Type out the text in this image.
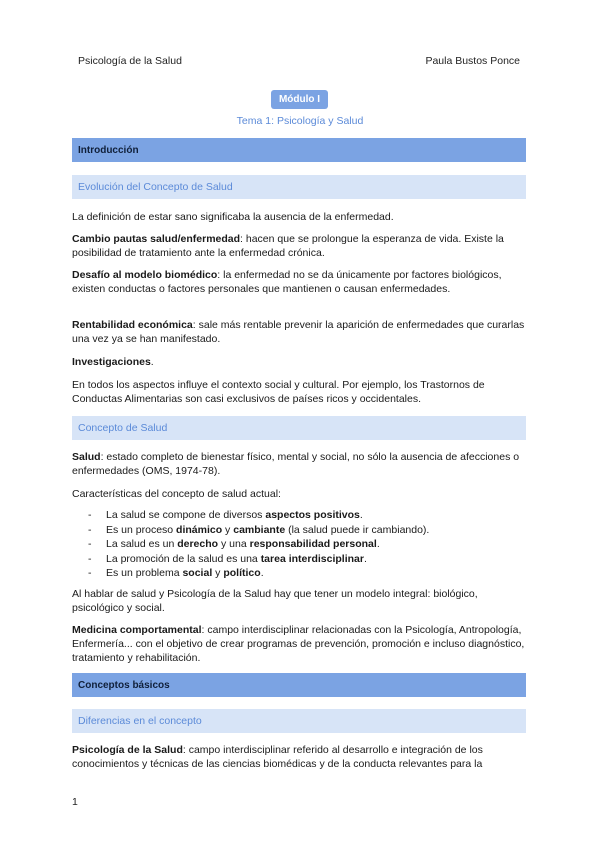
Psicología de la Salud	Paula Bustos Ponce
Módulo I
Tema 1: Psicología y Salud
Introducción
Evolución del Concepto de Salud
La definición de estar sano significaba la ausencia de la enfermedad.
Cambio pautas salud/enfermedad: hacen que se prolongue la esperanza de vida. Existe la posibilidad de tratamiento ante la enfermedad crónica.
Desafío al modelo biomédico: la enfermedad no se da únicamente por factores biológicos, existen conductas o factores personales que mantienen o causan enfermedades.
Rentabilidad económica: sale más rentable prevenir la aparición de enfermedades que curarlas una vez ya se han manifestado.
Investigaciones.
En todos los aspectos influye el contexto social y cultural. Por ejemplo, los Trastornos de Conductas Alimentarias son casi exclusivos de países ricos y occidentales.
Concepto de Salud
Salud: estado completo de bienestar físico, mental y social, no sólo la ausencia de afecciones o enfermedades (OMS, 1974-78).
Características del concepto de salud actual:
- La salud se compone de diversos aspectos positivos.
- Es un proceso dinámico y cambiante (la salud puede ir cambiando).
- La salud es un derecho y una responsabilidad personal.
- La promoción de la salud es una tarea interdisciplinar.
- Es un problema social y político.
Al hablar de salud y Psicología de la Salud hay que tener un modelo integral: biológico, psicológico y social.
Medicina comportamental: campo interdisciplinar relacionadas con la Psicología, Antropología, Enfermería... con el objetivo de crear programas de prevención, promoción e incluso diagnóstico, tratamiento y rehabilitación.
Conceptos básicos
Diferencias en el concepto
Psicología de la Salud: campo interdisciplinar referido al desarrollo e integración de los conocimientos y técnicas de las ciencias biomédicas y de la conducta relevantes para la
1
